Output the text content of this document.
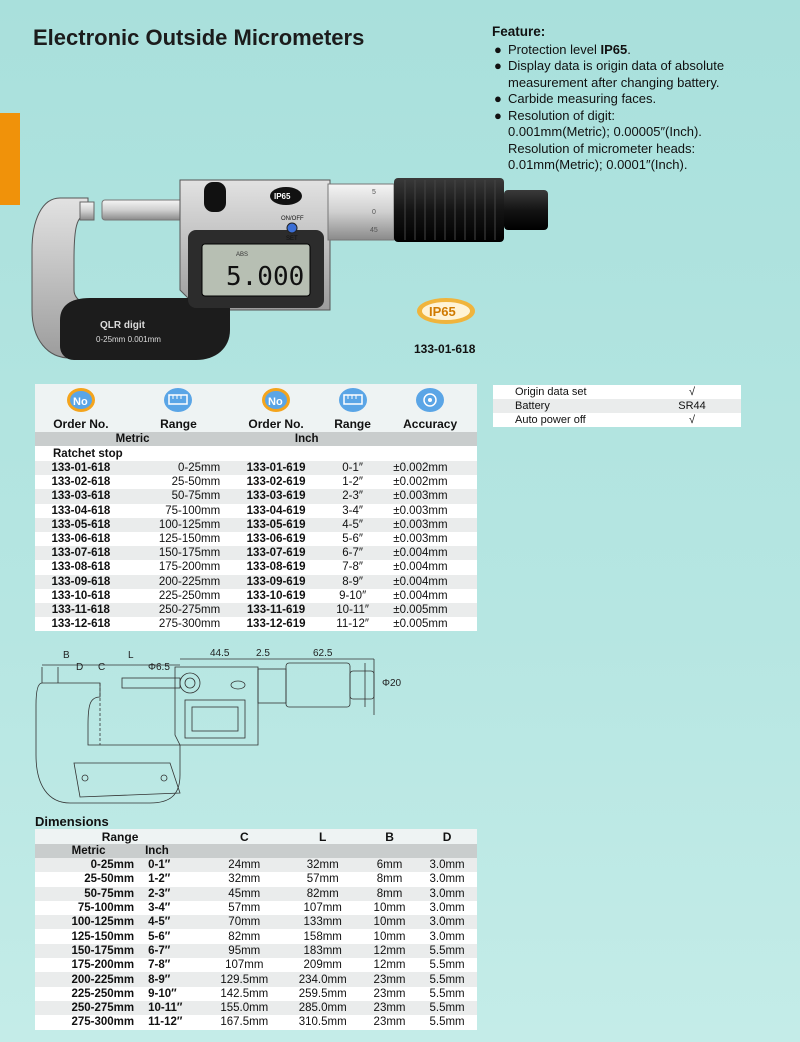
Electronic Outside Micrometers	Feature:
● Protection level IP65.
● Display data is origin data of absolute
measurement after changing battery.
● Carbide measuring faces.
● Resolution of digit:
0.001mm(Metric); 0.00005″(Inch).
Resolution of micrometer heads:
0.01mm(Metric); 0.0001″(Inch).
QLR digit
0-25mm 0.001mm
ABS
5.000
IP65
ON/OFF
SET
5
0
45
IP65
133-01-618
No		No

Order No.	Range	Order No.	Range	Accuracy
Metric		Inch		
Ratchet stop				
133-01-618	0-25mm	133-01-619	0-1″	±0.002mm
133-02-618	25-50mm	133-02-619	1-2″	±0.002mm
133-03-618	50-75mm	133-03-619	2-3″	±0.003mm
133-04-618	75-100mm	133-04-619	3-4″	±0.003mm
133-05-618	100-125mm	133-05-619	4-5″	±0.003mm
133-06-618	125-150mm	133-06-619	5-6″	±0.003mm
133-07-618	150-175mm	133-07-619	6-7″	±0.004mm
133-08-618	175-200mm	133-08-619	7-8″	±0.004mm
133-09-618	200-225mm	133-09-619	8-9″	±0.004mm
133-10-618	225-250mm	133-10-619	9-10″	±0.004mm
133-11-618	250-275mm	133-11-619	10-11″	±0.005mm
133-12-618	275-300mm	133-12-619	11-12″	±0.005mm
Origin data set	√
Battery	SR44
Auto power off	√
B
D C
L
Φ6.5
44.5	2.5	62.5
Φ20
Dimensions
Range		C	L	B	D
Metric	Inch				
0-25mm	0-1″	24mm	32mm	6mm	3.0mm
25-50mm	1-2″	32mm	57mm	8mm	3.0mm
50-75mm	2-3″	45mm	82mm	8mm	3.0mm
75-100mm	3-4″	57mm	107mm	10mm	3.0mm
100-125mm	4-5″	70mm	133mm	10mm	3.0mm
125-150mm	5-6″	82mm	158mm	10mm	3.0mm
150-175mm	6-7″	95mm	183mm	12mm	5.5mm
175-200mm	7-8″	107mm	209mm	12mm	5.5mm
200-225mm	8-9″	129.5mm	234.0mm	23mm	5.5mm
225-250mm	9-10″	142.5mm	259.5mm	23mm	5.5mm
250-275mm	10-11″	155.0mm	285.0mm	23mm	5.5mm
275-300mm	11-12″	167.5mm	310.5mm	23mm	5.5mm
